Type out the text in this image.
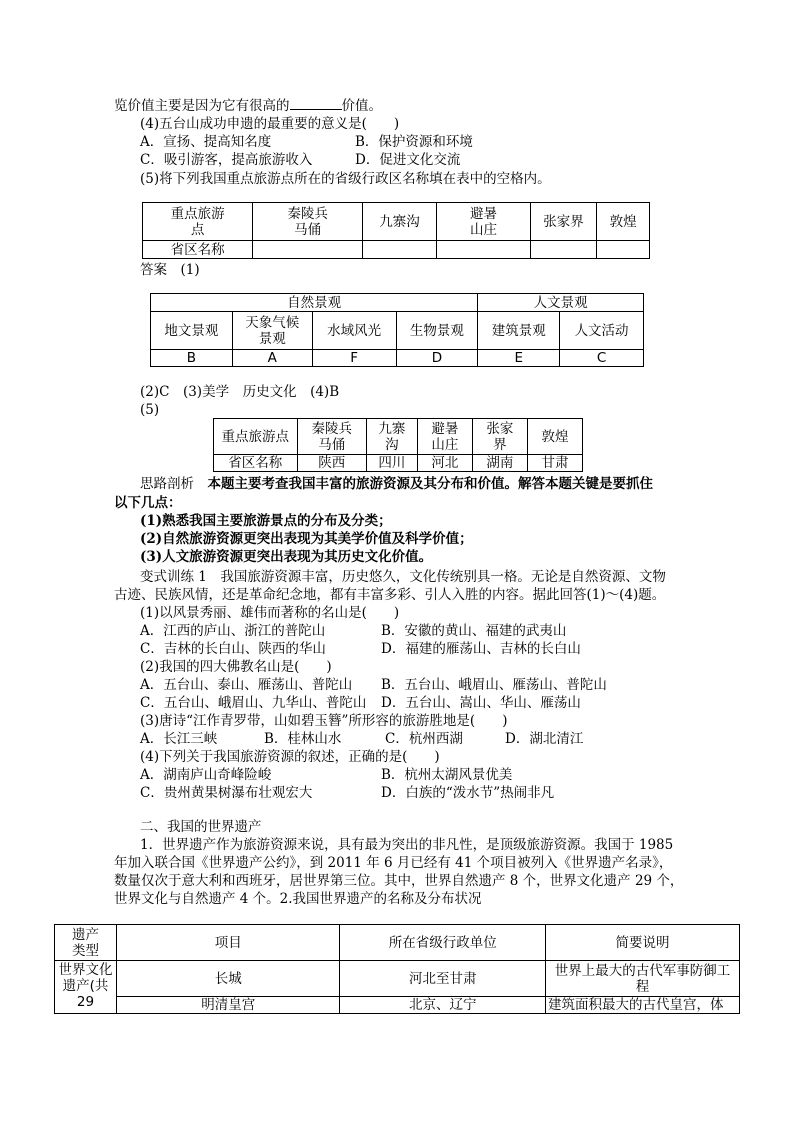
览价值主要是因为它有很高的	价值。
(4)五台山成功申遗的最重要的意义是(　　)
A．宣扬、提高知名度	B．保护资源和环境
C．吸引游客，提高旅游收入	D．促进文化交流
(5)将下列我国重点旅游点所在的省级行政区名称填在表中的空格内。
重点旅游点	秦陵兵马俑	九寨沟	避暑山庄	张家界	敦煌
省区名称					
答案　(1)
自然景观				人文景观	
地文景观	天象气候景观	水域风光	生物景观	建筑景观	人文活动
B	A	F	D	E	C
(2)C　(3)美学　历史文化　(4)B
(5)
重点旅游点	秦陵兵马俑	九寨沟	避暑山庄	张家界	敦煌
省区名称	陕西	四川	河北	湖南	甘肃
思路剖析　 本题主要考查我国丰富的旅游资源及其分布和价值。解答本题关键是要抓住
以下几点：
(1)熟悉我国主要旅游景点的分布及分类；
(2)自然旅游资源更突出表现为其美学价值及科学价值；
(3)人文旅游资源更突出表现为其历史文化价值。
变式训练 1　我国旅游资源丰富，历史悠久，文化传统别具一格。无论是自然资源、文物
古迹、民族风情，还是革命纪念地，都有丰富多彩、引人入胜的内容。据此回答(1)～(4)题。
(1)以风景秀丽、雄伟而著称的名山是(　　)
A．江西的庐山、浙江的普陀山	B．安徽的黄山、福建的武夷山
C．吉林的长白山、陕西的华山	D．福建的雁荡山、吉林的长白山
(2)我国的四大佛教名山是(　　)
A．五台山、泰山、雁荡山、普陀山 B．五台山、峨眉山、雁荡山、普陀山
C．五台山、峨眉山、九华山、普陀山 D．五台山、嵩山、华山、雁荡山
(3)唐诗“江作青罗带，山如碧玉簪”所形容的旅游胜地是(　　)
A．长江三峡	B．桂林山水	C．杭州西湖	D．湖北清江
(4)下列关于我国旅游资源的叙述，正确的是(　　)
A．湖南庐山奇峰险峻	B．杭州太湖风景优美
C．贵州黄果树瀑布壮观宏大	D．白族的“泼水节”热闹非凡
二、我国的世界遗产
1．世界遗产作为旅游资源来说，具有最为突出的非凡性，是顶级旅游资源。我国于 1985
年加入联合国《世界遗产公约》，到 2011 年 6 月已经有 41 个项目被列入《世界遗产名录》，
数量仅次于意大利和西班牙，居世界第三位。其中，世界自然遗产 8 个，世界文化遗产 29 个，
世界文化与自然遗产 4 个。2.我国世界遗产的名称及分布状况
遗产类型	项目	所在省级行政单位	简要说明
世界文化遗产(共 29	长城	河北至甘肃	世界上最大的古代军事防御工程
	明清皇宫	北京、辽宁	建筑面积最大的古代皇宫，体
